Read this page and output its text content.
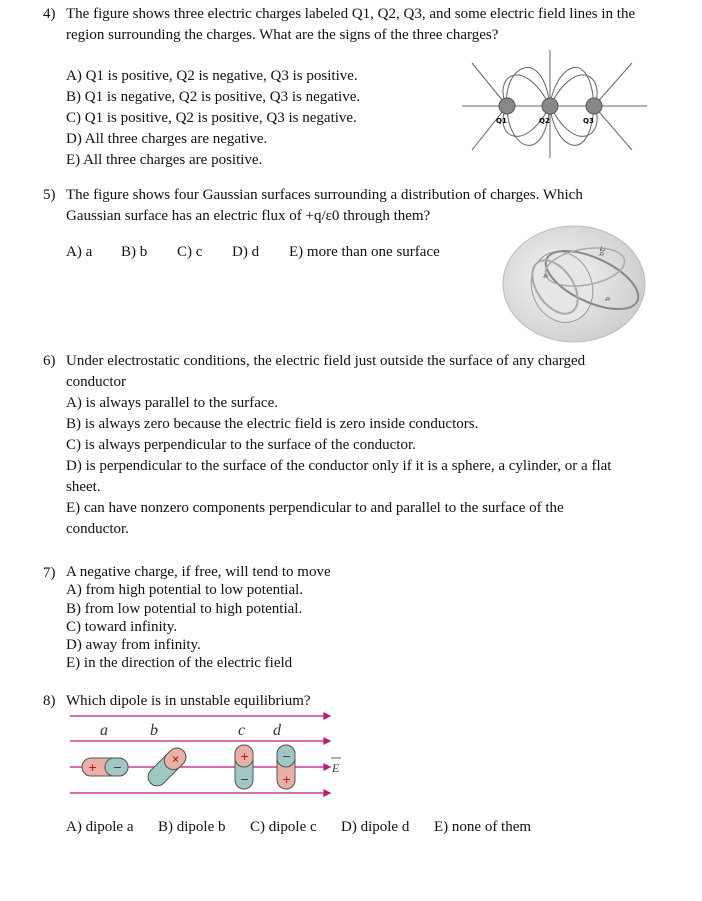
4) The figure shows three electric charges labeled Q1, Q2, Q3, and some electric field lines in the
region surrounding the charges. What are the signs of the three charges?
A) Q1 is positive, Q2 is negative, Q3 is positive.
B) Q1 is negative, Q2 is positive, Q3 is negative.
C) Q1 is positive, Q2 is positive, Q3 is negative.
D) All three charges are negative.
E) All three charges are positive.
Q1	Q2	Q3
5) The figure shows four Gaussian surfaces surrounding a distribution of charges. Which
Gaussian surface has an electric flux of +q/ε0 through them?
A) a B) b C) c D) d E) more than one surface	-2q
q
q
6) Under electrostatic conditions, the electric field just outside the surface of any charged
conductor
A) is always parallel to the surface.
B) is always zero because the electric field is zero inside conductors.
C) is always perpendicular to the surface of the conductor.
D) is perpendicular to the surface of the conductor only if it is a sphere, a cylinder, or a flat
sheet.
E) can have nonzero components perpendicular to and parallel to the surface of the
conductor.
7) A negative charge, if free, will tend to move
A) from high potential to low potential.
B) from low potential to high potential.
C) toward infinity.
D) away from infinity.
E) in the direction of the electric field
8) Which dipole is in unstable equilibrium?
a	b	c d
+ −
+	+
−
−
+
E
A) dipole a B) dipole b C) dipole c D) dipole d E) none of them
